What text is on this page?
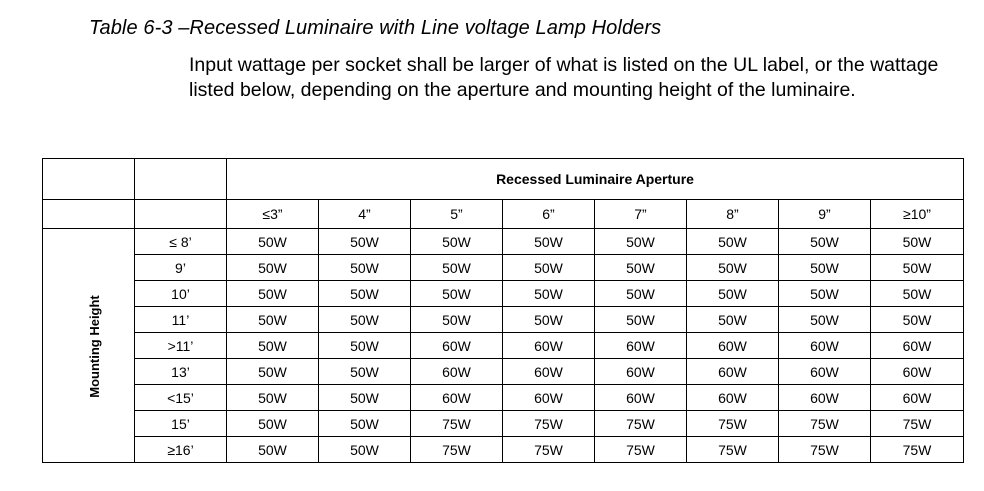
Table 6-3 –Recessed Luminaire with Line voltage Lamp Holders
Input wattage per socket shall be larger of what is listed on the UL label, or the wattage listed below, depending on the aperture and mounting height of the luminaire.
		Recessed Luminaire Aperture							
		≤3”	4”	5”	6”	7”	8”	9”	≥10”
Mounting Height	≤ 8’	50W	50W	50W	50W	50W	50W	50W	50W
	9’	50W	50W	50W	50W	50W	50W	50W	50W
	10’	50W	50W	50W	50W	50W	50W	50W	50W
	11’	50W	50W	50W	50W	50W	50W	50W	50W
	>11’	50W	50W	60W	60W	60W	60W	60W	60W
	13’	50W	50W	60W	60W	60W	60W	60W	60W
	<15’	50W	50W	60W	60W	60W	60W	60W	60W
	15’	50W	50W	75W	75W	75W	75W	75W	75W
	≥16’	50W	50W	75W	75W	75W	75W	75W	75W
